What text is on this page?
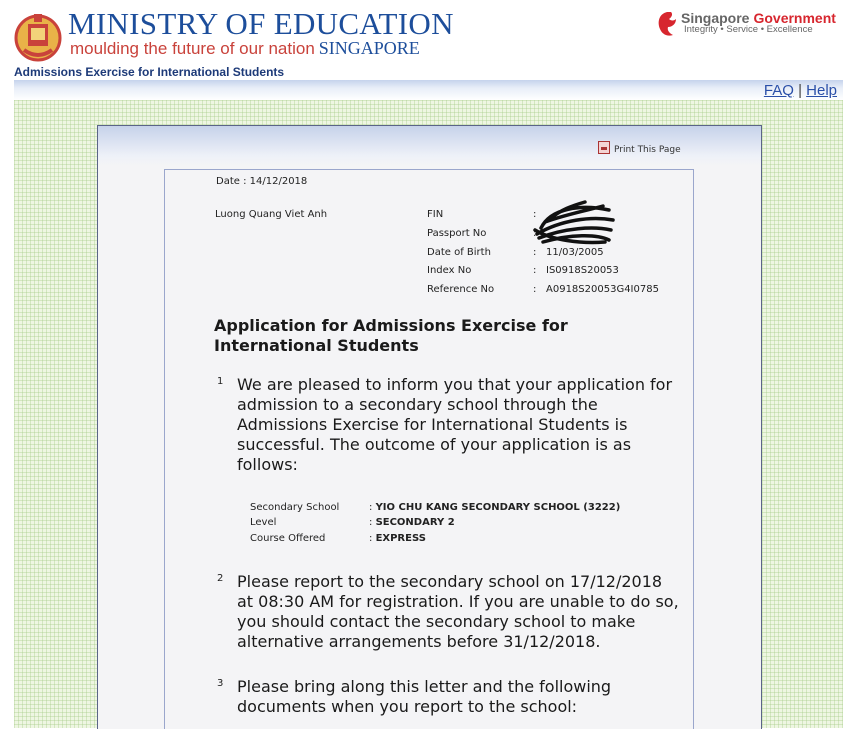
MINISTRY OF EDUCATION
moulding the future of our nation SINGAPORE
Singapore Government
Integrity • Service • Excellence
Admissions Exercise for International Students
FAQ | Help
Print This Page
Date : 14/12/2018
Luong Quang Viet Anh	FIN
Passport No
Date of Birth
Index No
Reference No
:
:
:
:
:
11/03/2005
IS0918S20053
A0918S20053G4I0785
Application for Admissions Exercise for
International Students
1 We are pleased to inform you that your application for admission to a secondary school through the Admissions Exercise for International Students is successful. The outcome of your application is as follows:
Secondary School
Level
Course Offered
: YIO CHU KANG SECONDARY SCHOOL (3222)
: SECONDARY 2
: EXPRESS
2 Please report to the secondary school on 17/12/2018 at 08:30 AM for registration. If you are unable to do so, you should contact the secondary school to make alternative arrangements before 31/12/2018.
3 Please bring along this letter and the following documents when you report to the school:
